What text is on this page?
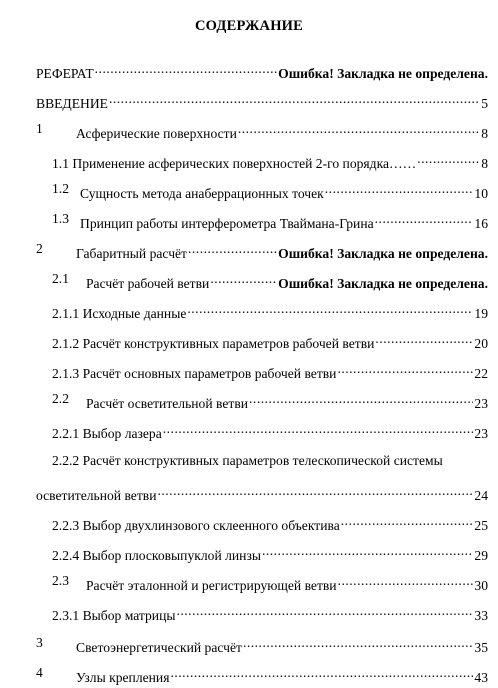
СОДЕРЖАНИЕ
РЕФЕРАТ .....	Ошибка! Закладка не определена.
ВВЕДЕНИЕ .....	5
1 Асферические поверхности .....	8
1.1 Применение асферических поверхностей 2-го порядка…… .....	8
1.2 Сущность метода анаберрационных точек .....	10
1.3 Принцип работы интерферометра Тваймана-Грина .....	16
2 Габаритный расчёт .....	Ошибка! Закладка не определена.
2.1 Расчёт рабочей ветви .....	Ошибка! Закладка не определена.
2.1.1 Исходные данные .....	19
2.1.2 Расчёт конструктивных параметров рабочей ветви .....	20
2.1.3 Расчёт основных параметров рабочей ветви .....	22
2.2 Расчёт осветительной ветви .....	23
2.2.1 Выбор лазера .....	23
2.2.2 Расчёт конструктивных параметров телескопической системы
осветительной ветви .....	24
2.2.3 Выбор двухлинзового склеенного объектива .....	25
2.2.4 Выбор плосковыпуклой линзы .....	29
2.3 Расчёт эталонной и регистрирующей ветви .....	30
2.3.1 Выбор матрицы .....	33
3 Светоэнергетический расчёт .....	35
4 Узлы крепления .....	43
